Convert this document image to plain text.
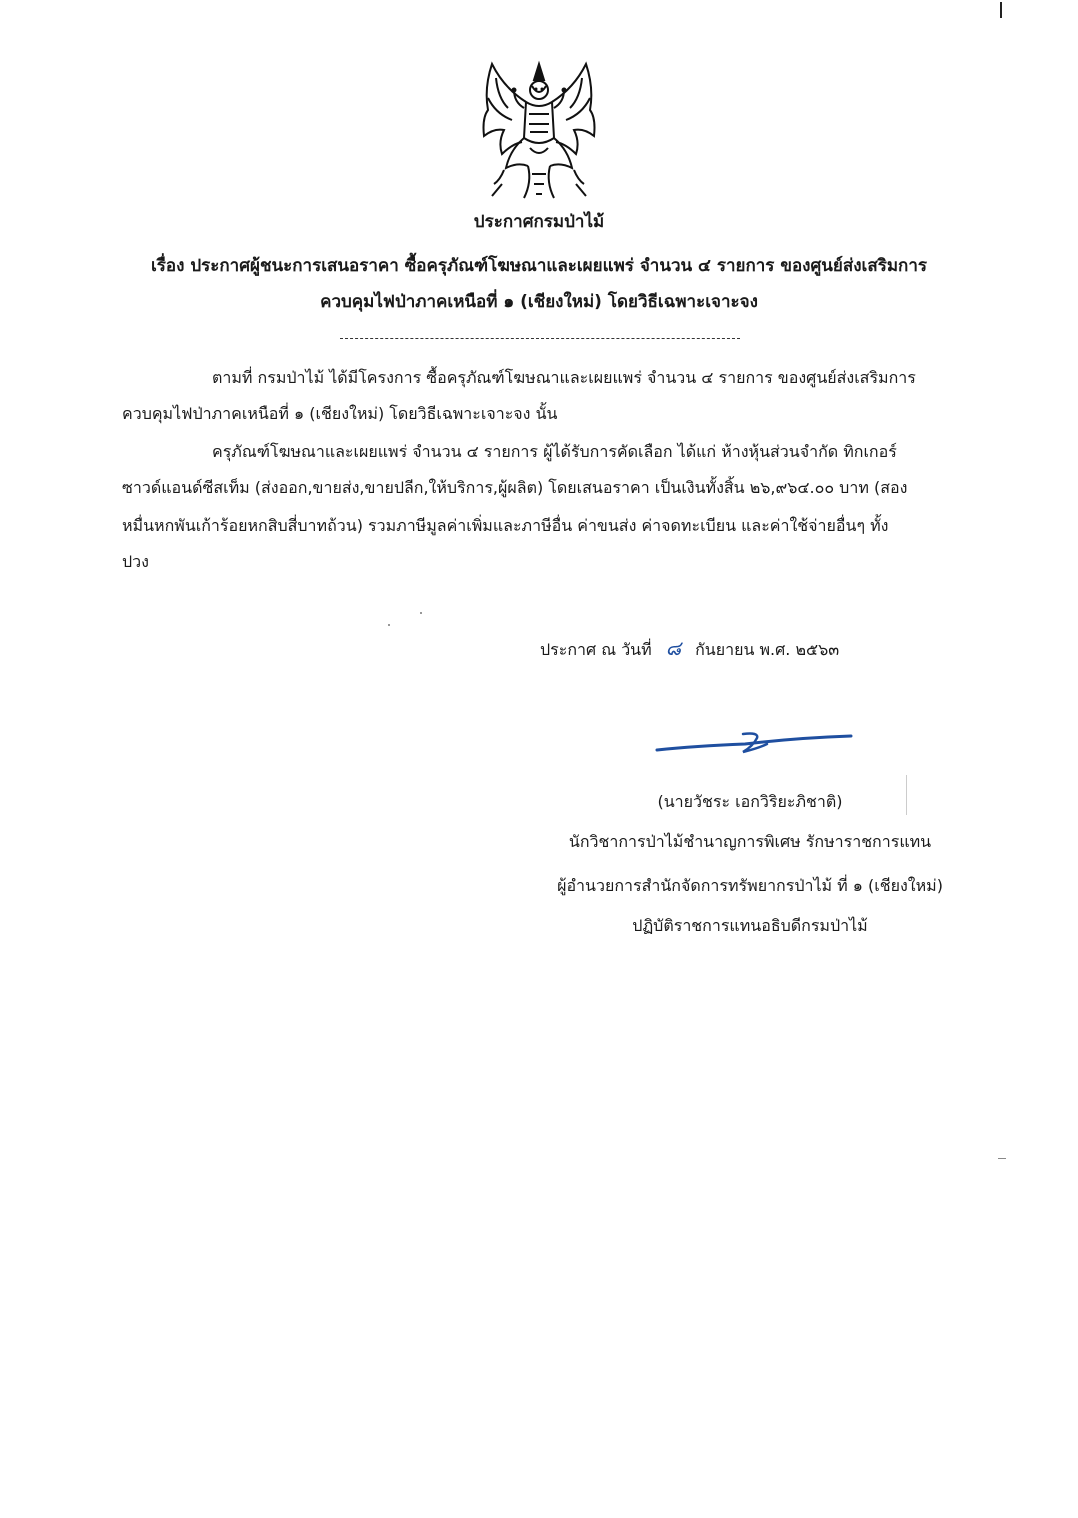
ประกาศกรมป่าไม้
เรื่อง ประกาศผู้ชนะการเสนอราคา ซื้อครุภัณฑ์โฆษณาและเผยแพร่ จำนวน ๔ รายการ ของศูนย์ส่งเสริมการ
ควบคุมไฟป่าภาคเหนือที่ ๑ (เชียงใหม่) โดยวิธีเฉพาะเจาะจง
ตามที่ กรมป่าไม้ ได้มีโครงการ ซื้อครุภัณฑ์โฆษณาและเผยแพร่ จำนวน ๔ รายการ ของศูนย์ส่งเสริมการ
ควบคุมไฟป่าภาคเหนือที่ ๑ (เชียงใหม่) โดยวิธีเฉพาะเจาะจง นั้น
ครุภัณฑ์โฆษณาและเผยแพร่ จำนวน ๔ รายการ ผู้ได้รับการคัดเลือก ได้แก่ ห้างหุ้นส่วนจำกัด ทิกเกอร์
ซาวด์แอนด์ซีสเท็ม (ส่งออก,ขายส่ง,ขายปลีก,ให้บริการ,ผู้ผลิต) โดยเสนอราคา เป็นเงินทั้งสิ้น ๒๖,๙๖๔.๐๐ บาท (สอง
หมื่นหกพันเก้าร้อยหกสิบสี่บาทถ้วน) รวมภาษีมูลค่าเพิ่มและภาษีอื่น ค่าขนส่ง ค่าจดทะเบียน และค่าใช้จ่ายอื่นๆ ทั้ง
ปวง
ประกาศ ณ วันที่ ๘ กันยายน พ.ศ. ๒๕๖๓
(นายวัชระ เอกวิริยะภิชาติ)
นักวิชาการป่าไม้ชำนาญการพิเศษ รักษาราชการแทน
ผู้อำนวยการสำนักจัดการทรัพยากรป่าไม้ ที่ ๑ (เชียงใหม่)
ปฏิบัติราชการแทนอธิบดีกรมป่าไม้
